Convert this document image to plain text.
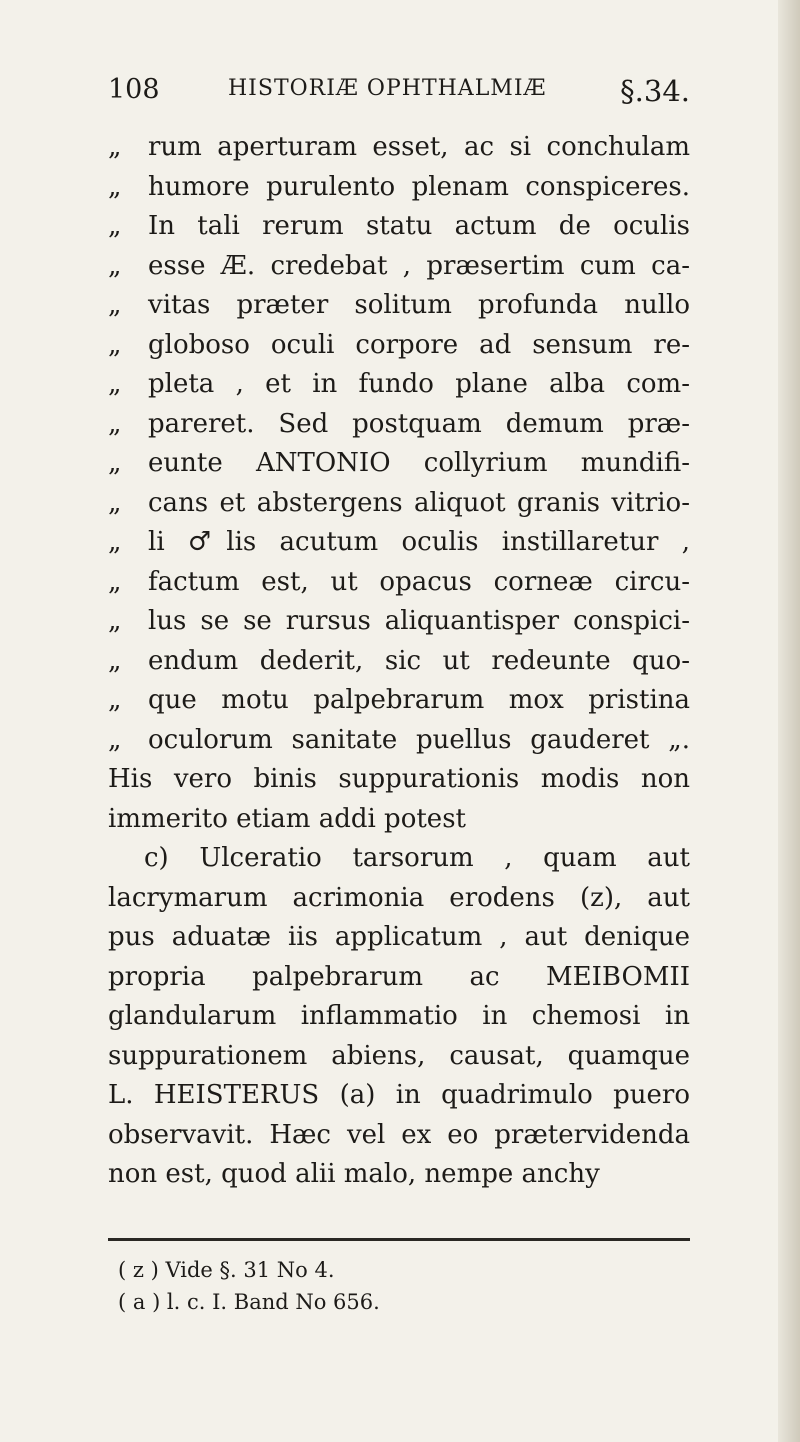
108	HISTORIÆ OPHTHALMIÆ	§.34.
„ rum aperturam esset, ac si conchulam
„ humore purulento plenam conspiceres.
„ In tali rerum statu actum de oculis
„ esse Æ. credebat , præsertim cum ca-
„ vitas præter solitum profunda nullo
„ globoso oculi corpore ad sensum re-
„ pleta , et in fundo plane alba com-
„ pareret. Sed postquam demum præ-
„ eunte ANTONIO collyrium mundifi-
„ cans et abstergens aliquot granis vitrio-
„ li ♂lis acutum oculis instillaretur ,
„ factum est, ut opacus corneæ circu-
„ lus se se rursus aliquantisper conspici-
„ endum dederit, sic ut redeunte quo-
„ que motu palpebrarum mox pristina
„ oculorum sanitate puellus gauderet „.
His vero binis suppurationis modis non
immerito etiam addi potest
c) Ulceratio tarsorum , quam aut
lacrymarum acrimonia erodens (z), aut
pus aduatæ iis applicatum , aut denique
propria palpebrarum ac MEIBOMII
glandularum inflammatio in chemosi in
suppurationem abiens, causat, quamque
L. HEISTERUS (a) in quadrimulo puero
observavit. Hæc vel ex eo prætervidenda
non est, quod alii malo, nempe anchy
( z ) Vide §. 31 No 4.
( a ) l. c. I. Band No 656.
